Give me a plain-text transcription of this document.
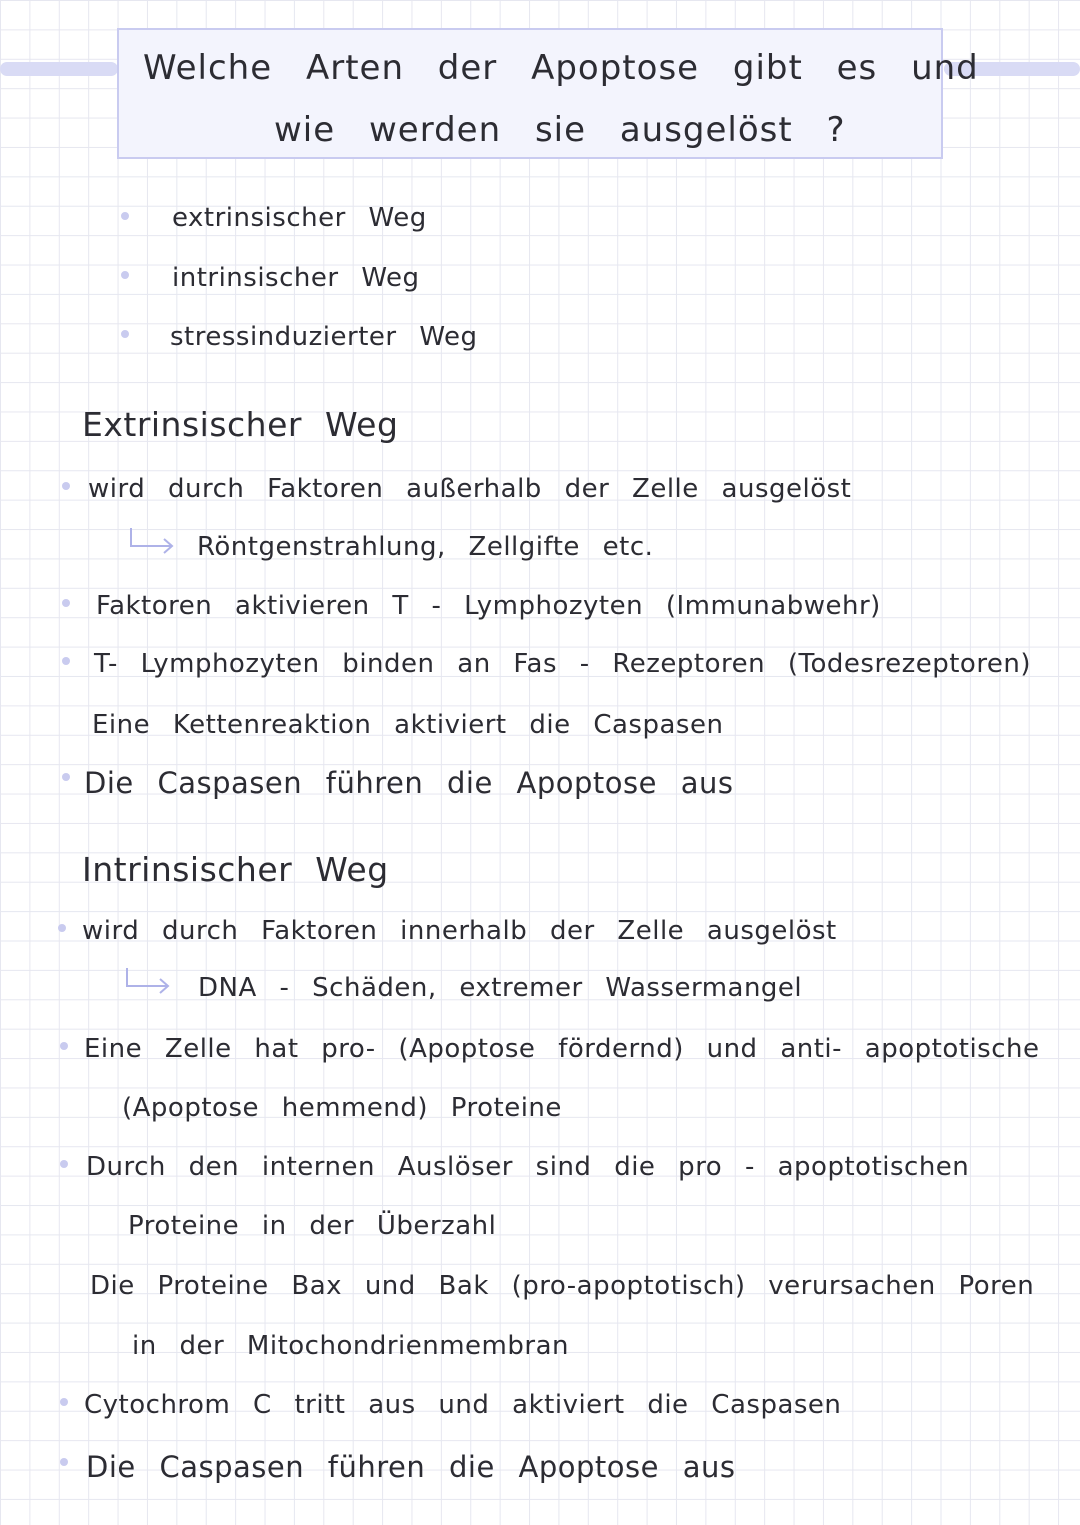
Welche Arten der Apoptose gibt es und
wie werden sie ausgelöst ?
extrinsischer Weg
intrinsischer Weg
stressinduzierter Weg
Extrinsischer Weg
wird durch Faktoren außerhalb der Zelle ausgelöst
Röntgenstrahlung, Zellgifte etc.
Faktoren aktivieren T - Lymphozyten (Immunabwehr)
T- Lymphozyten binden an Fas - Rezeptoren (Todesrezeptoren)
Eine Kettenreaktion aktiviert die Caspasen
Die Caspasen führen die Apoptose aus
Intrinsischer Weg
wird durch Faktoren innerhalb der Zelle ausgelöst
DNA - Schäden, extremer Wassermangel
Eine Zelle hat pro- (Apoptose fördernd) und anti- apoptotische
(Apoptose hemmend) Proteine
Durch den internen Auslöser sind die pro - apoptotischen
Proteine in der Überzahl
Die Proteine Bax und Bak (pro-apoptotisch) verursachen Poren
in der Mitochondrienmembran
Cytochrom C tritt aus und aktiviert die Caspasen
Die Caspasen führen die Apoptose aus
